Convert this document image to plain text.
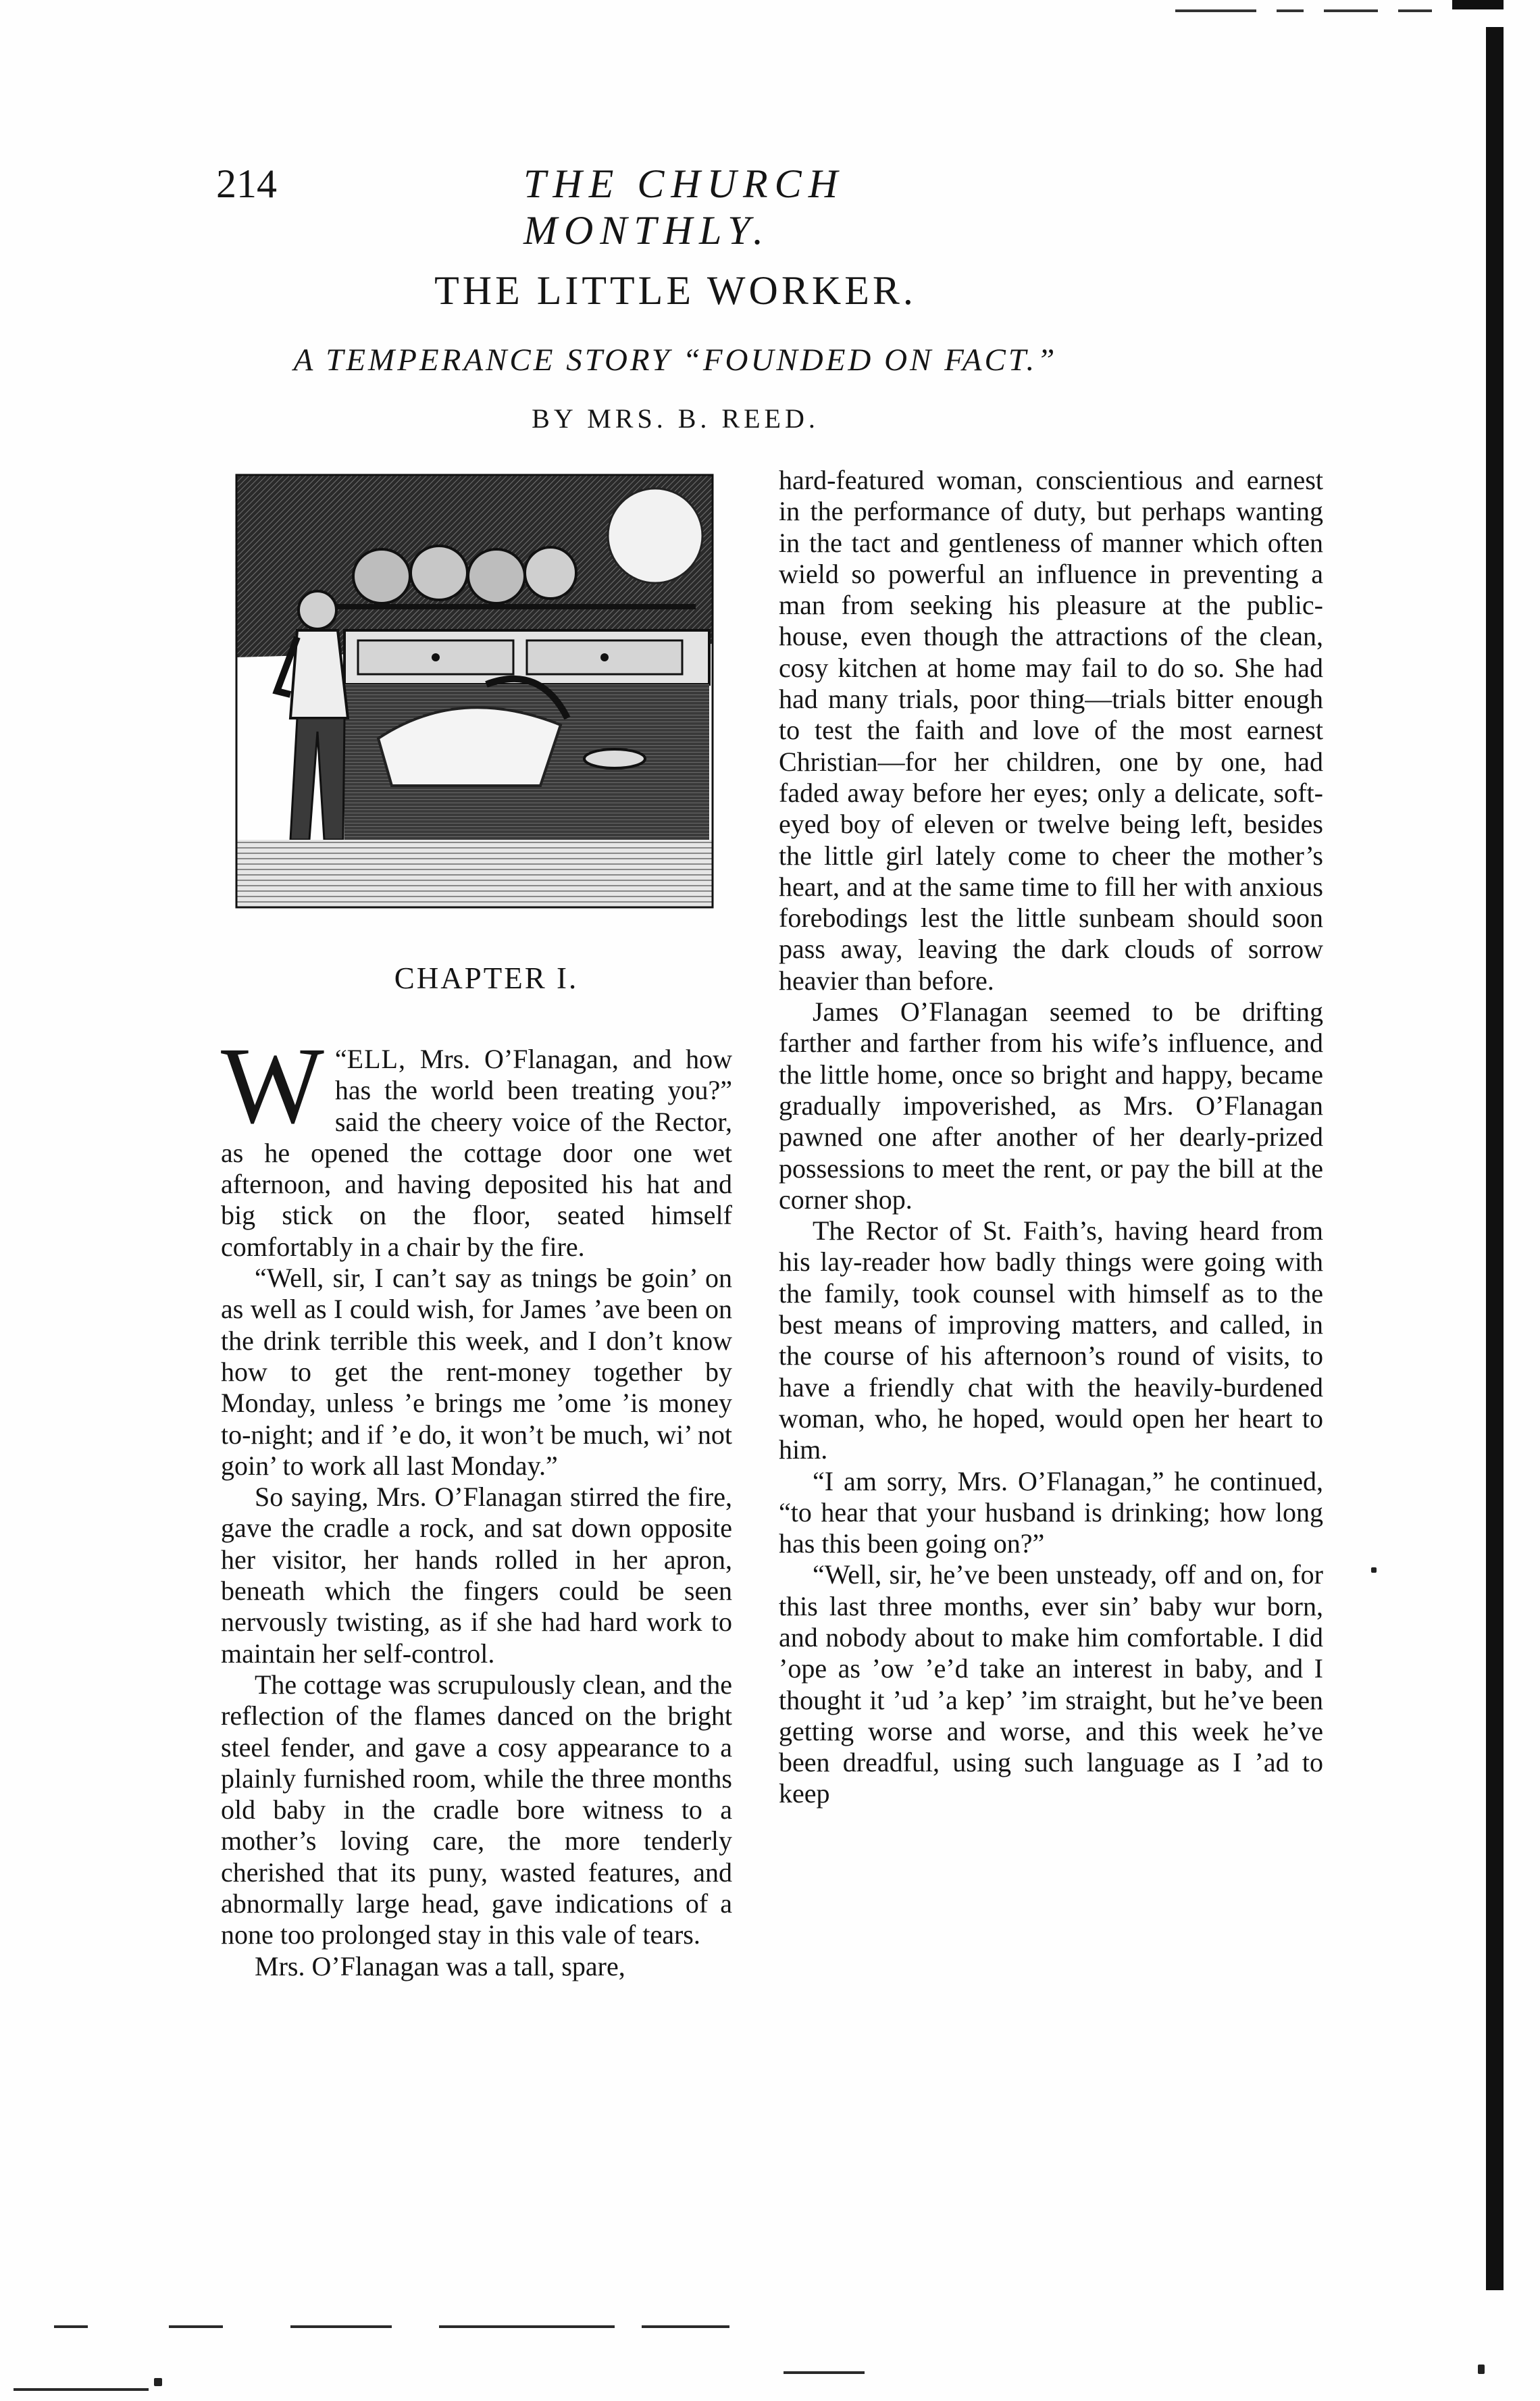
214	THE CHURCH MONTHLY.
THE LITTLE WORKER.
A TEMPERANCE STORY “FOUNDED ON FACT.”
BY MRS. B. REED.
CHAPTER I.

“
W ELL, Mrs. O’Flanagan, and how has the world been treating you?” said the cheery voice of the Rector, as he opened the cottage door one wet afternoon, and having deposited his hat and big stick on the floor, seated himself comfortably in a chair by the fire.

“Well, sir, I can’t say as tnings be goin’ on as well as I could wish, for James ’ave been on the drink terrible this week, and I don’t know how to get the rent-money together by Monday, unless ’e brings me ’ome ’is money to-night; and if ’e do, it won’t be much, wi’ not goin’ to work all last Monday.”

So saying, Mrs. O’Flanagan stirred the fire, gave the cradle a rock, and sat down opposite her visitor, her hands rolled in her apron, beneath which the fingers could be seen nervously twisting, as if she had hard work to maintain her self-control.

The cottage was scrupulously clean, and the reflection of the flames danced on the bright steel fender, and gave a cosy appearance to a plainly furnished room, while the three months old baby in the cradle bore witness to a mother’s loving care, the more tenderly cherished that its puny, wasted features, and abnormally large head, gave indications of a none too prolonged stay in this vale of tears.

Mrs. O’Flanagan was a tall, spare,

hard-featured woman, conscientious and earnest in the performance of duty, but perhaps wanting in the tact and gentleness of manner which often wield so powerful an influence in preventing a man from seeking his pleasure at the public-house, even though the attractions of the clean, cosy kitchen at home may fail to do so. She had had many trials, poor thing—trials bitter enough to test the faith and love of the most earnest Christian—for her children, one by one, had faded away before her eyes; only a delicate, soft-eyed boy of eleven or twelve being left, besides the little girl lately come to cheer the mother’s heart, and at the same time to fill her with anxious forebodings lest the little sunbeam should soon pass away, leaving the dark clouds of sorrow heavier than before.

James O’Flanagan seemed to be drifting farther and farther from his wife’s influence, and the little home, once so bright and happy, became gradually impoverished, as Mrs. O’Flanagan pawned one after another of her dearly-prized possessions to meet the rent, or pay the bill at the corner shop.

The Rector of St. Faith’s, having heard from his lay-reader how badly things were going with the family, took counsel with himself as to the best means of improving matters, and called, in the course of his afternoon’s round of visits, to have a friendly chat with the heavily-burdened woman, who, he hoped, would open her heart to him.

“I am sorry, Mrs. O’Flanagan,” he continued, “to hear that your husband is drinking; how long has this been going on?”

“Well, sir, he’ve been unsteady, off and on, for this last three months, ever sin’ baby wur born, and nobody about to make him comfortable. I did ’ope as ’ow ’e’d take an interest in baby, and I thought it ’ud ’a kep’ ’im straight, but he’ve been getting worse and worse, and this week he’ve been dreadful, using such language as I ’ad to keep
